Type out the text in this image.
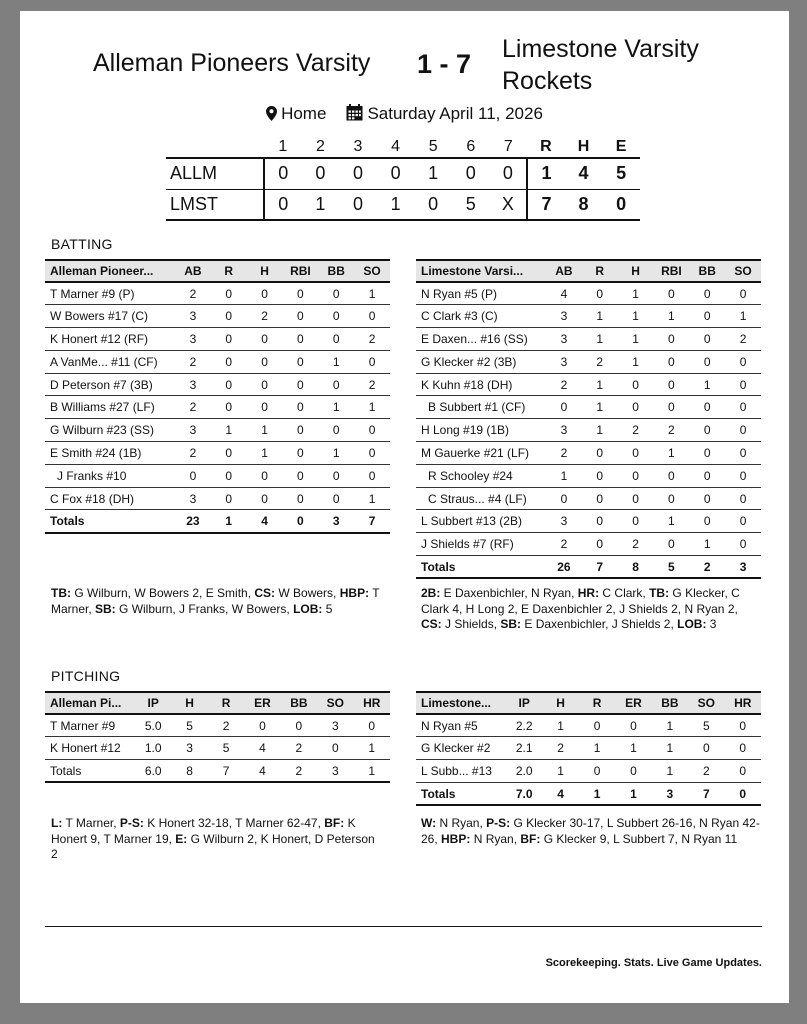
Alleman Pioneers Varsity 1 - 7 Limestone Varsity Rockets
Home Saturday April 11, 2026
	1	2	3	4	5	6	7	R	H	E
ALLM	0	0	0	0	1	0	0	1	4	5
LMST	0	1	0	1	0	5	X	7	8	0
BATTING
Alleman Pioneer...	AB	R	H	RBI	BB	SO
T Marner #9 (P)	2	0	0	0	0	1
W Bowers #17 (C)	3	0	2	0	0	0
K Honert #12 (RF)	3	0	0	0	0	2
A VanMe... #11 (CF)	2	0	0	0	1	0
D Peterson #7 (3B)	3	0	0	0	0	2
B Williams #27 (LF)	2	0	0	0	1	1
G Wilburn #23 (SS)	3	1	1	0	0	0
E Smith #24 (1B)	2	0	1	0	1	0
J Franks #10	0	0	0	0	0	0
C Fox #18 (DH)	3	0	0	0	0	1
Totals	23	1	4	0	3	7
Limestone Varsi...	AB	R	H	RBI	BB	SO
N Ryan #5 (P)	4	0	1	0	0	0
C Clark #3 (C)	3	1	1	1	0	1
E Daxen... #16 (SS)	3	1	1	0	0	2
G Klecker #2 (3B)	3	2	1	0	0	0
K Kuhn #18 (DH)	2	1	0	0	1	0
B Subbert #1 (CF)	0	1	0	0	0	0
H Long #19 (1B)	3	1	2	2	0	0
M Gauerke #21 (LF)	2	0	0	1	0	0
R Schooley #24	1	0	0	0	0	0
C Straus... #4 (LF)	0	0	0	0	0	0
L Subbert #13 (2B)	3	0	0	1	0	0
J Shields #7 (RF)	2	0	2	0	1	0
Totals	26	7	8	5	2	3
TB: G Wilburn, W Bowers 2, E Smith, CS: W Bowers, HBP: T Marner, SB: G Wilburn, J Franks, W Bowers, LOB: 5
2B: E Daxenbichler, N Ryan, HR: C Clark, TB: G Klecker, C Clark 4, H Long 2, E Daxenbichler 2, J Shields 2, N Ryan 2, CS: J Shields, SB: E Daxenbichler, J Shields 2, LOB: 3
PITCHING
Alleman Pi...	IP	H	R	ER	BB	SO	HR
T Marner #9	5.0	5	2	0	0	3	0
K Honert #12	1.0	3	5	4	2	0	1
Totals	6.0	8	7	4	2	3	1
Limestone...	IP	H	R	ER	BB	SO	HR
N Ryan #5	2.2	1	0	0	1	5	0
G Klecker #2	2.1	2	1	1	1	0	0
L Subb... #13	2.0	1	0	0	1	2	0
Totals	7.0	4	1	1	3	7	0
L: T Marner, P-S: K Honert 32-18, T Marner 62-47, BF: K Honert 9, T Marner 19, E: G Wilburn 2, K Honert, D Peterson 2
W: N Ryan, P-S: G Klecker 30-17, L Subbert 26-16, N Ryan 42-26, HBP: N Ryan, BF: G Klecker 9, L Subbert 7, N Ryan 11
Scorekeeping. Stats. Live Game Updates.
